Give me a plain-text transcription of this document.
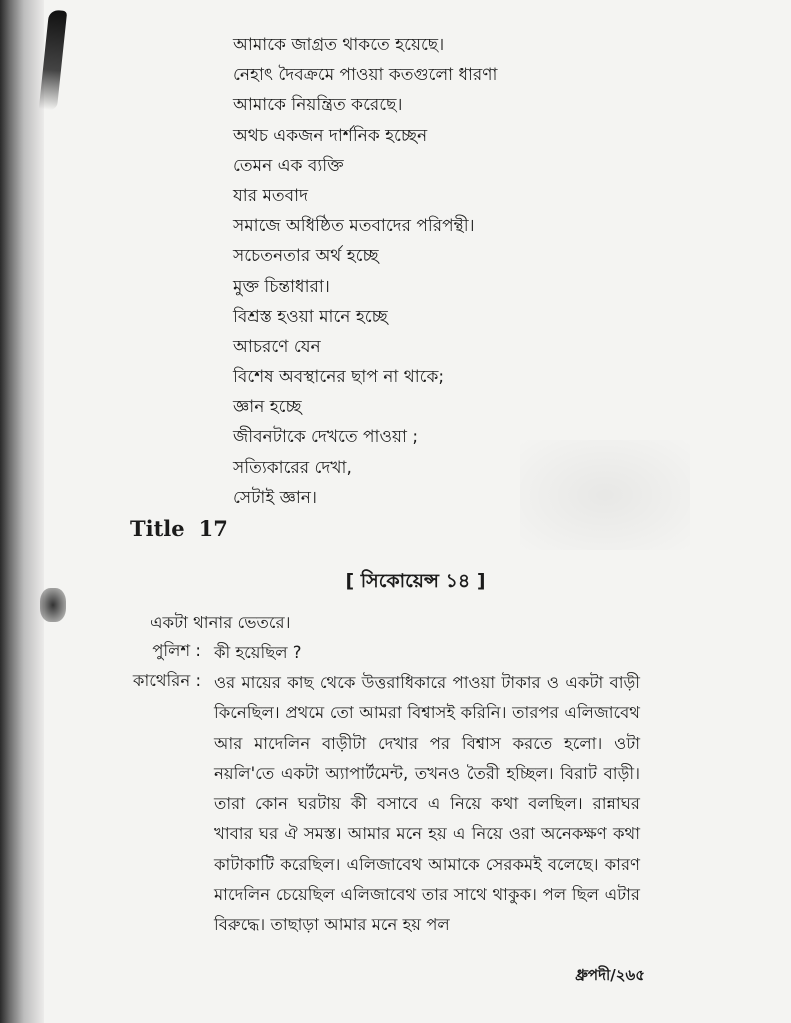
আমাকে জাগ্রত থাকতে হয়েছে।
নেহাৎ দৈবক্রমে পাওয়া কতগুলো ধারণা
আমাকে নিয়ন্ত্রিত করেছে।
অথচ একজন দার্শনিক হচ্ছেন
তেমন এক ব্যক্তি
যার মতবাদ
সমাজে অধিষ্ঠিত মতবাদের পরিপন্থী।
সচেতনতার অর্থ হচ্ছে
মুক্ত চিন্তাধারা।
বিশ্রস্ত হওয়া মানে হচ্ছে
আচরণে যেন
বিশেষ অবস্থানের ছাপ না থাকে;
জ্ঞান হচ্ছে
জীবনটাকে দেখতে পাওয়া ;
সত্যিকারের দেখা,
সেটাই জ্ঞান।
Title 17
[ সিকোয়েন্স ১৪ ]
একটা থানার ভেতরে।
পুলিশ : কী হয়েছিল ?

কাথেরিন : ওর মায়ের কাছ থেকে উত্তরাধিকারে পাওয়া টাকার ও একটা বাড়ী কিনেছিল। প্রথমে তো আমরা বিশ্বাসই করিনি। তারপর এলিজাবেথ আর মাদেলিন বাড়ীটা দেখার পর বিশ্বাস করতে হলো। ওটা নয়লি'তে একটা অ্যাপার্টমেন্ট, তখনও তৈরী হচ্ছিল। বিরাট বাড়ী। তারা কোন ঘরটায় কী বসাবে এ নিয়ে কথা বলছিল। রান্নাঘর খাবার ঘর ঐ সমস্ত। আমার মনে হয় এ নিয়ে ওরা অনেকক্ষণ কথা কাটাকাটি করেছিল। এলিজাবেথ আমাকে সেরকমই বলেছে। কারণ মাদেলিন চেয়েছিল এলিজাবেথ তার সাথে থাকুক। পল ছিল এটার বিরুদ্ধে। তাছাড়া আমার মনে হয় পল

ধ্রুপদী/২৬৫
